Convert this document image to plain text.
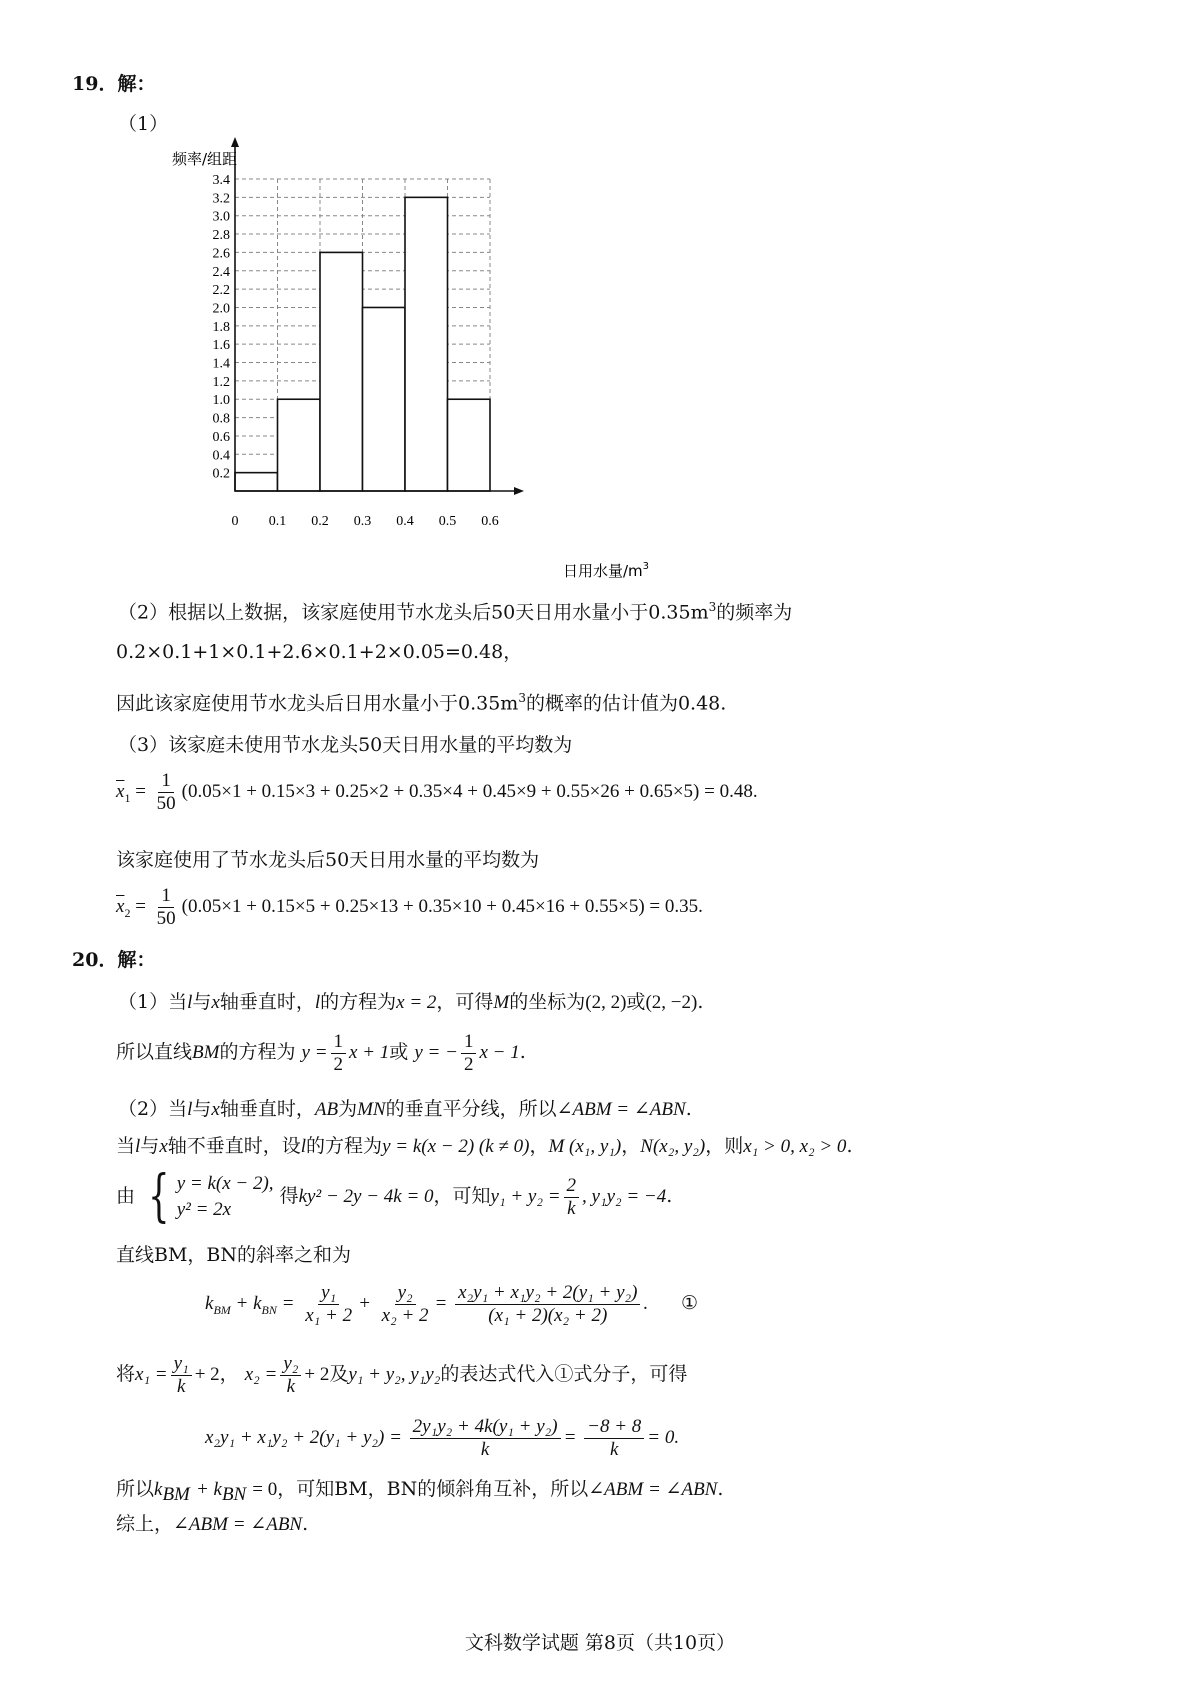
19．解：
（1）
0.2
0.4
0.6
0.8
1.0
1.2
1.4
1.6
1.8
2.0
2.2
2.4
2.6
2.8
3.0
3.2
3.4
0 0.1 0.2 0.3 0.4 0.5 0.6
频率/组距
日用水量$/m^3$
（2）根据以上数据，该家庭使用节水龙头后50天日用水量小于$0.35m^3$的频率为
0.2×0.1+1×0.1+2.6×0.1+2×0.05=0.48，
因此该家庭使用节水龙头后日用水量小于$0.35m^3$的概率的估计值为0.48.
（3）该家庭未使用节水龙头50天日用水量的平均数为
$\overline{x}_1 = \frac{1}{50} (0.05\times 1 + 0.15\times 3 + 0.25\times 2 + 0.35\times 4 + 0.45\times 9 + 0.55\times 26 + 0.65\times 5) = 0.48$.
该家庭使用了节水龙头后50天日用水量的平均数为
$\overline{x}_2 = \frac{1}{50} (0.05\times 1 + 0.15\times 5 + 0.25\times 13 + 0.35\times 10 + 0.45\times 16 + 0.55\times 5) = 0.35$.
20．解：
（1）当l与x轴垂直时，l的方程为x = 2，可得M的坐标为(2, 2)或(2, −2).
所以直线BM的方程为 $y = \frac{1}{2}$ x + 1或 y = − $\frac{1}{2}$ x − 1.
（2）当l与x轴垂直时，AB为MN的垂直平分线，所以∠ABM = ∠ABN.
当l与x轴不垂直时，设l的方程为y = k(x − 2) (k ≠ 0)，M (x₁, y₁)，N(x₂, y₂)，则x₁ > 0, x₂ > 0.
由 { y = k(x − 2),
y² = 2x
得ky² − 2y − 4k = 0，可知$y_1 + y_2 = \frac{2}{k}$ , y₁y₂ = −4.
直线BM，BN的斜率之和为
$k_{BM} + k_{BN} = \frac{\text{y₁}}{\text{x₁ + 2}} + \frac{\text{y₂}}{\text{x₂ + 2}} = \frac{\text{x₂y₁ + x₁y₂ + 2(y₁ + y₂)}}{\text{(x₁ + 2)(x₂ + 2)}}$ . ①
将$x_1 = \frac{\text{y₁}}{k} + 2$， $x_2 = \frac{\text{y₂}}{k} + 2$及y₁ + y₂, y₁y₂的表达式代入①式分子，可得
$x_2y_1 + x_1y_2 + 2(y_1 + y_2) = \frac{\text{2y₁y₂ + 4k(y₁ + y₂)}}{k} = \frac{-8 + 8}{k} = 0$.
所以$k_{BM} + k_{BN} = 0$，可知BM，BN的倾斜角互补，所以∠ABM = ∠ABN.
综上，∠ABM = ∠ABN.
文科数学试题 第8页（共10页）
